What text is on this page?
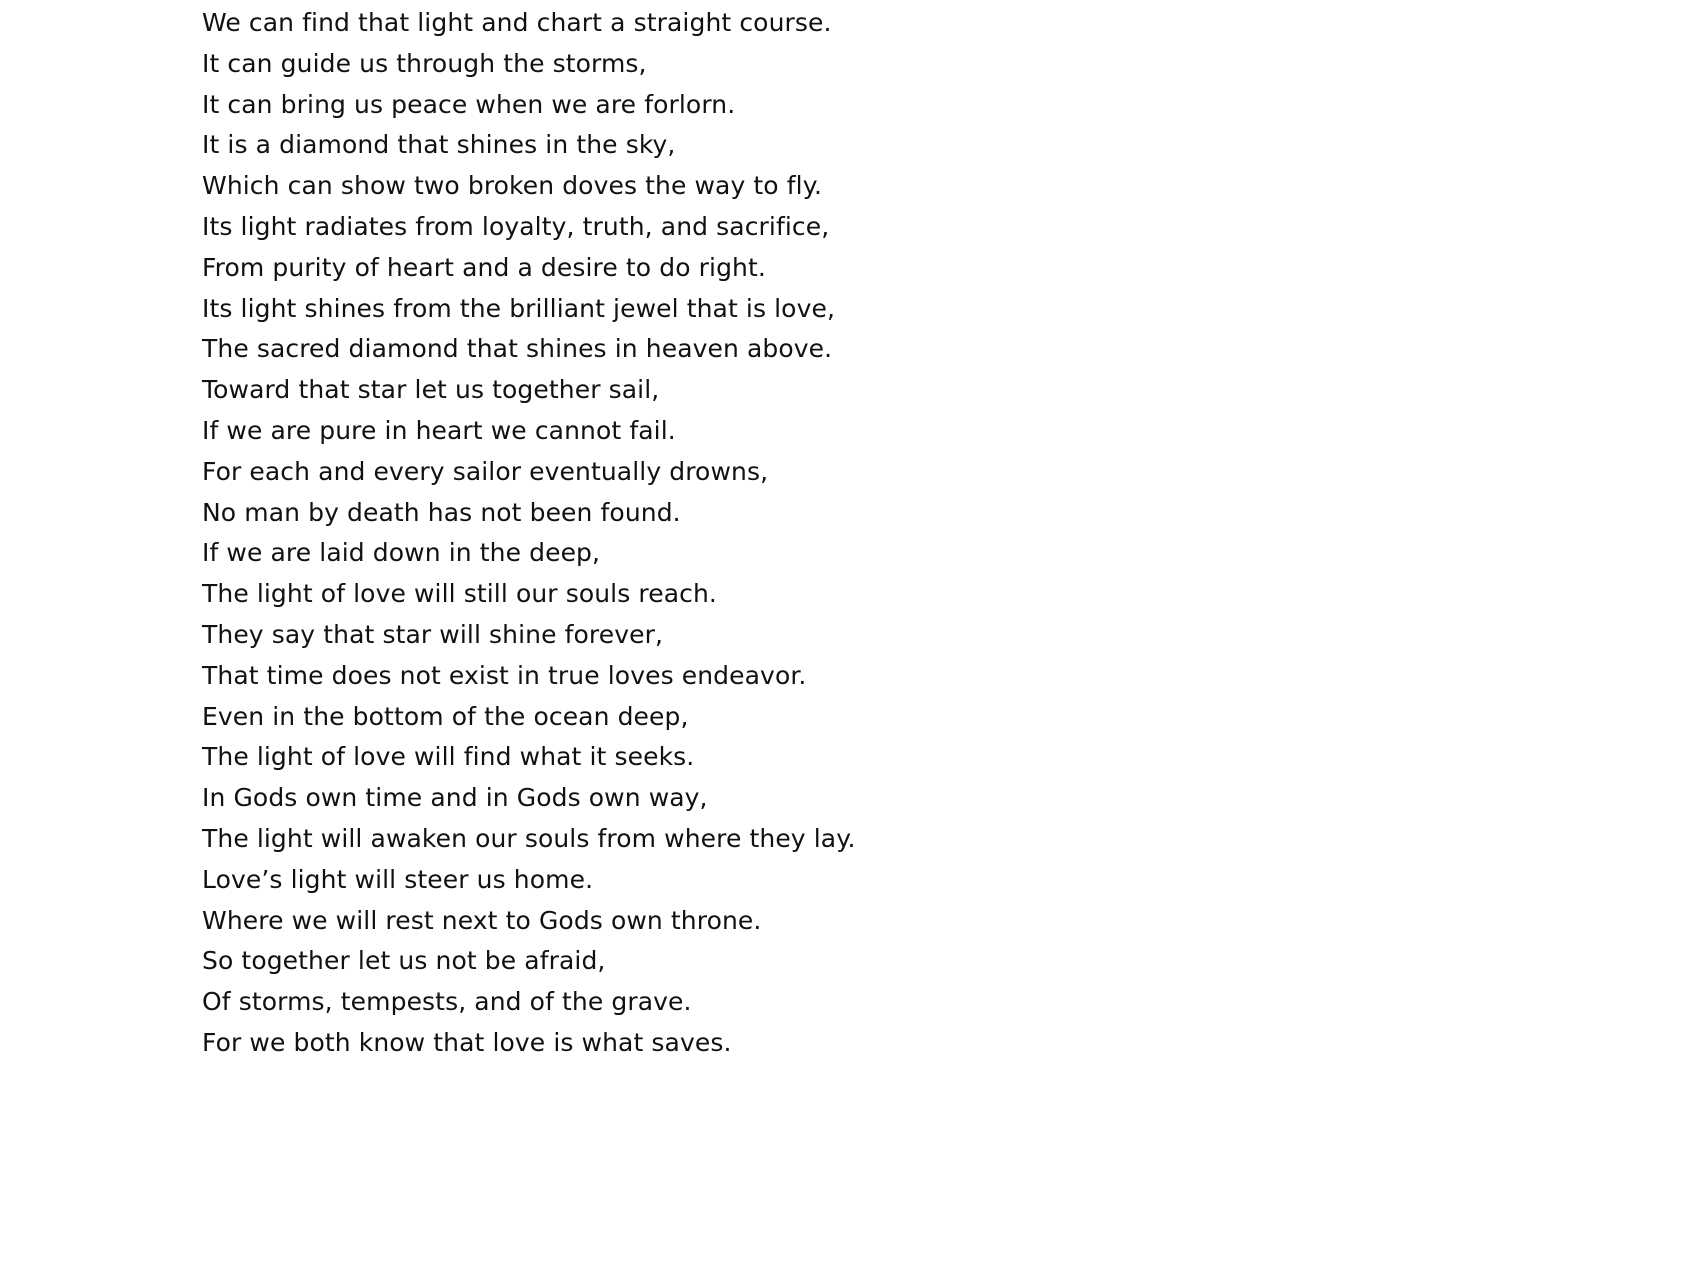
We can find that light and chart a straight course.
It can guide us through the storms,
It can bring us peace when we are forlorn.
It is a diamond that shines in the sky,
Which can show two broken doves the way to fly.
Its light radiates from loyalty, truth, and sacrifice,
From purity of heart and a desire to do right.
Its light shines from the brilliant jewel that is love,
The sacred diamond that shines in heaven above.
Toward that star let us together sail,
If we are pure in heart we cannot fail.
For each and every sailor eventually drowns,
No man by death has not been found.
If we are laid down in the deep,
The light of love will still our souls reach.
They say that star will shine forever,
That time does not exist in true loves endeavor.
Even in the bottom of the ocean deep,
The light of love will find what it seeks.
In Gods own time and in Gods own way,
The light will awaken our souls from where they lay.
Love’s light will steer us home.
Where we will rest next to Gods own throne.
So together let us not be afraid,
Of storms, tempests, and of the grave.
For we both know that love is what saves.
